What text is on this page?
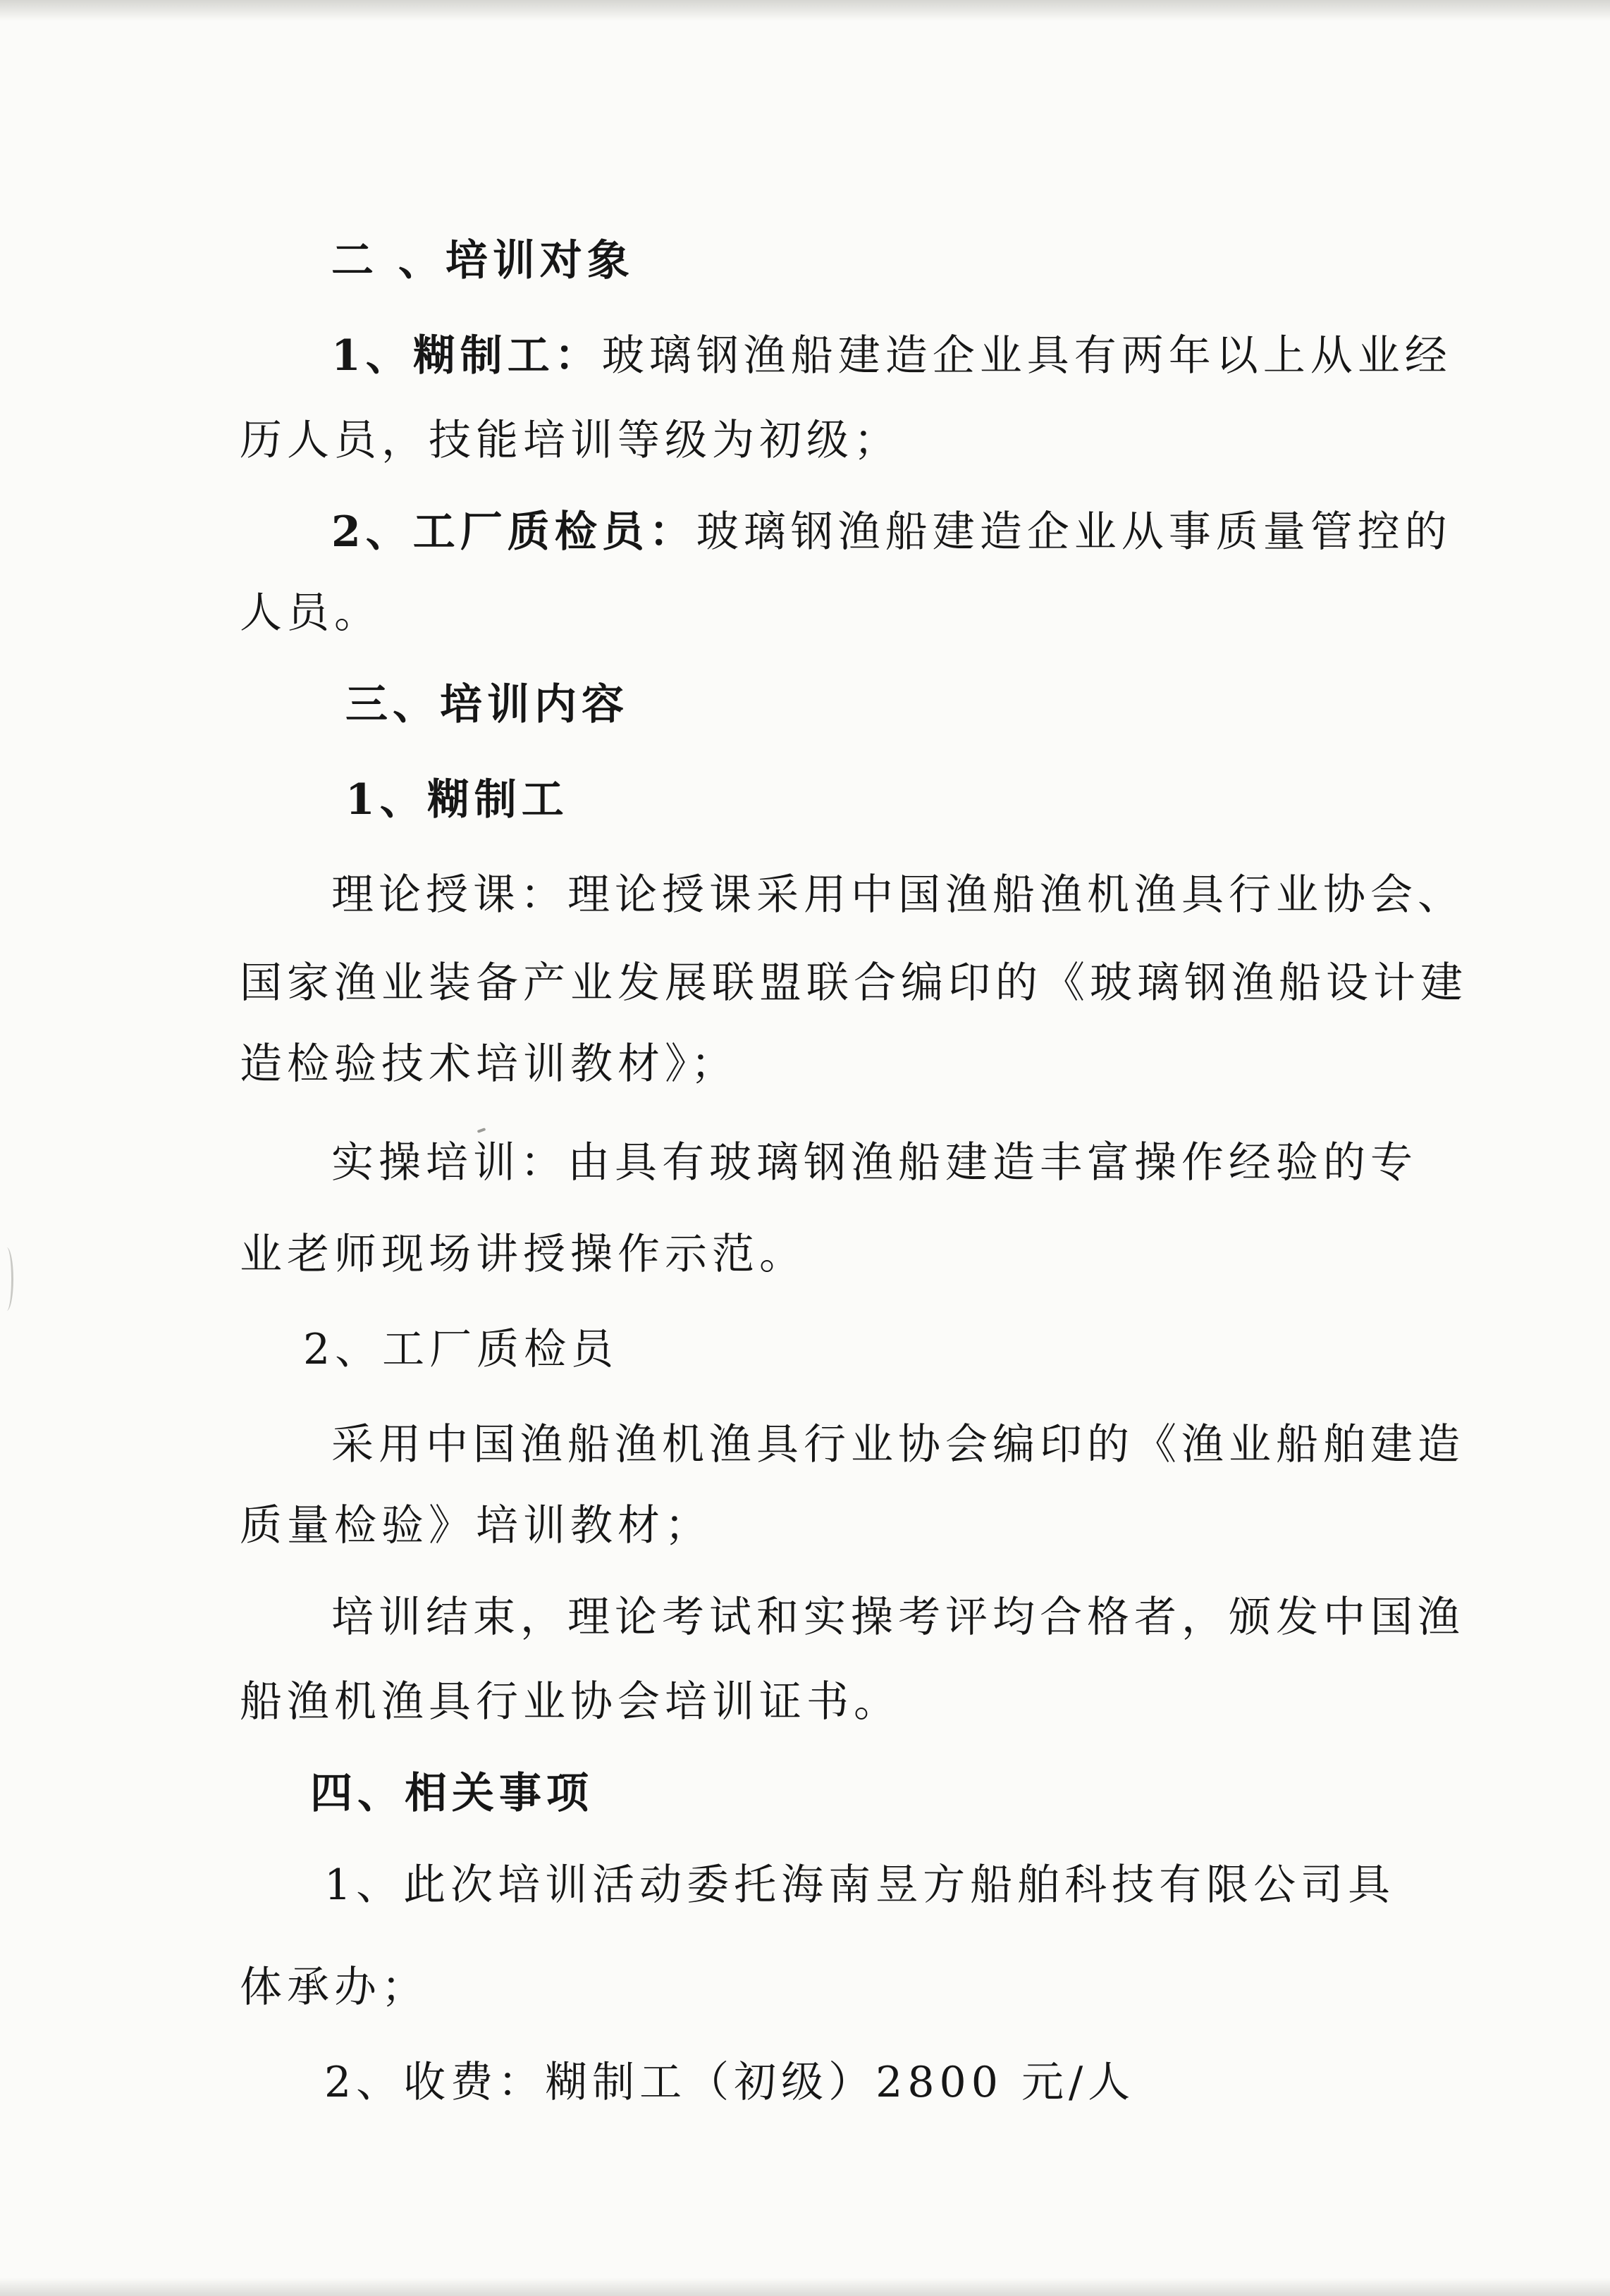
二 、培训对象
1、糊制工：玻璃钢渔船建造企业具有两年以上从业经
历人员，技能培训等级为初级；
2、工厂质检员：玻璃钢渔船建造企业从事质量管控的
人员。
三、培训内容
1、糊制工
理论授课：理论授课采用中国渔船渔机渔具行业协会、
国家渔业装备产业发展联盟联合编印的《玻璃钢渔船设计建
造检验技术培训教材》；
实操培训：由具有玻璃钢渔船建造丰富操作经验的专
业老师现场讲授操作示范。
2、工厂质检员
采用中国渔船渔机渔具行业协会编印的《渔业船舶建造
质量检验》培训教材；
培训结束，理论考试和实操考评均合格者，颁发中国渔
船渔机渔具行业协会培训证书。
四、相关事项
1、此次培训活动委托海南昱方船舶科技有限公司具
体承办；
2、收费：糊制工（初级）2800 元/人
